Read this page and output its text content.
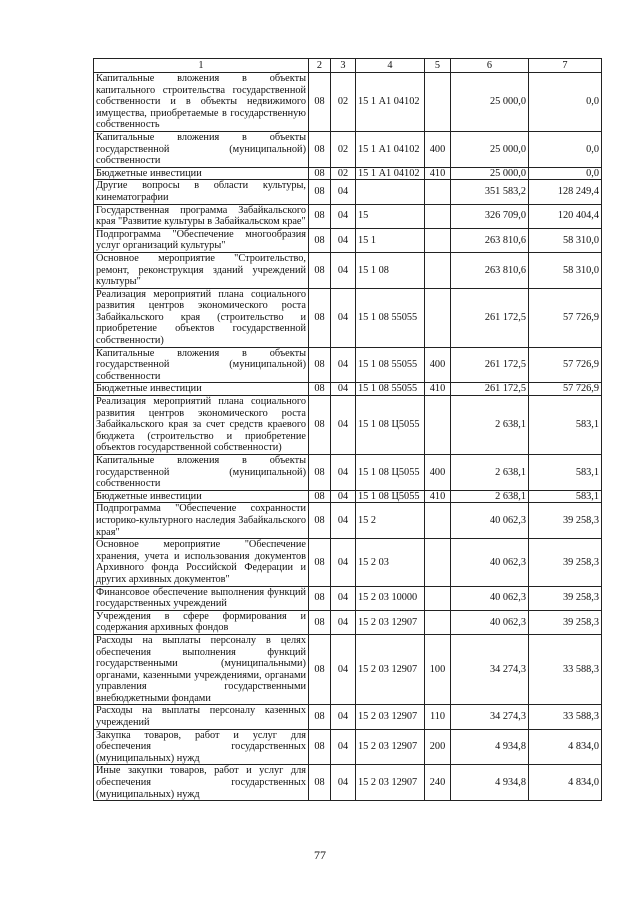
1	2	3	4	5	6	7
Капитальные вложения в объекты капитального строительства государственной собственности и в объекты недвижимого имущества, приобретаемые в государственную собственность	08	02	15 1 А1 04102		25 000,0	0,0
Капитальные вложения в объекты государственной (муниципальной) собственности	08	02	15 1 А1 04102	400	25 000,0	0,0
Бюджетные инвестиции	08	02	15 1 А1 04102	410	25 000,0	0,0
Другие вопросы в области культуры, кинематографии	08	04			351 583,2	128 249,4
Государственная программа Забайкальского края "Развитие культуры в Забайкальском крае"	08	04	15		326 709,0	120 404,4
Подпрограмма "Обеспечение многообразия услуг организаций культуры"	08	04	15 1		263 810,6	58 310,0
Основное мероприятие "Строительство, ремонт, реконструкция зданий учреждений культуры"	08	04	15 1 08		263 810,6	58 310,0
Реализация мероприятий плана социального развития центров экономического роста Забайкальского края (строительство и приобретение объектов государственной собственности)	08	04	15 1 08 55055		261 172,5	57 726,9
Капитальные вложения в объекты государственной (муниципальной) собственности	08	04	15 1 08 55055	400	261 172,5	57 726,9
Бюджетные инвестиции	08	04	15 1 08 55055	410	261 172,5	57 726,9
Реализация мероприятий плана социального развития центров экономического роста Забайкальского края за счет средств краевого бюджета (строительство и приобретение объектов государственной собственности)	08	04	15 1 08 Ц5055		2 638,1	583,1
Капитальные вложения в объекты государственной (муниципальной) собственности	08	04	15 1 08 Ц5055	400	2 638,1	583,1
Бюджетные инвестиции	08	04	15 1 08 Ц5055	410	2 638,1	583,1
Подпрограмма "Обеспечение сохранности историко-культурного наследия Забайкальского края"	08	04	15 2		40 062,3	39 258,3
Основное мероприятие "Обеспечение хранения, учета и использования документов Архивного фонда Российской Федерации и других архивных документов"	08	04	15 2 03		40 062,3	39 258,3
Финансовое обеспечение выполнения функций государственных учреждений	08	04	15 2 03 10000		40 062,3	39 258,3
Учреждения в сфере формирования и содержания архивных фондов	08	04	15 2 03 12907		40 062,3	39 258,3
Расходы на выплаты персоналу в целях обеспечения выполнения функций государственными (муниципальными) органами, казенными учреждениями, органами управления государственными внебюджетными фондами	08	04	15 2 03 12907	100	34 274,3	33 588,3
Расходы на выплаты персоналу казенных учреждений	08	04	15 2 03 12907	110	34 274,3	33 588,3
Закупка товаров, работ и услуг для обеспечения государственных (муниципальных) нужд	08	04	15 2 03 12907	200	4 934,8	4 834,0
Иные закупки товаров, работ и услуг для обеспечения государственных (муниципальных) нужд	08	04	15 2 03 12907	240	4 934,8	4 834,0
77
